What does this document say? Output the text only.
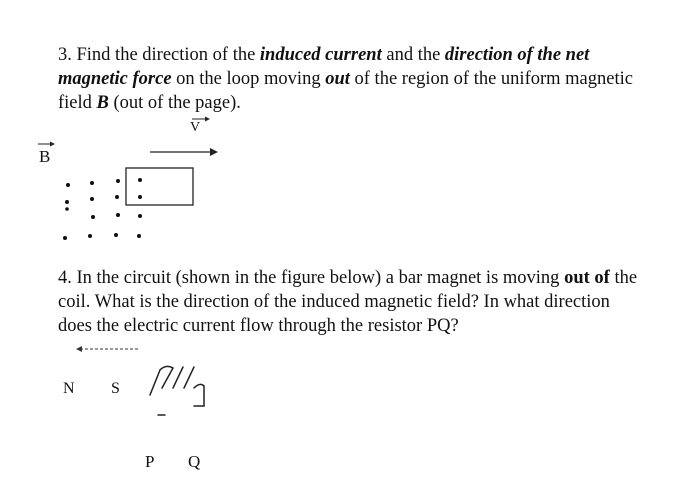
3. Find the direction of the induced current and the direction of the net magnetic force on the loop moving out of the region of the uniform magnetic field B (out of the page).

V
B

4. In the circuit (shown in the figure below) a bar magnet is moving out of the coil. What is the direction of the induced magnetic field? In what direction does the electric current flow through the resistor PQ?

N S
P Q
